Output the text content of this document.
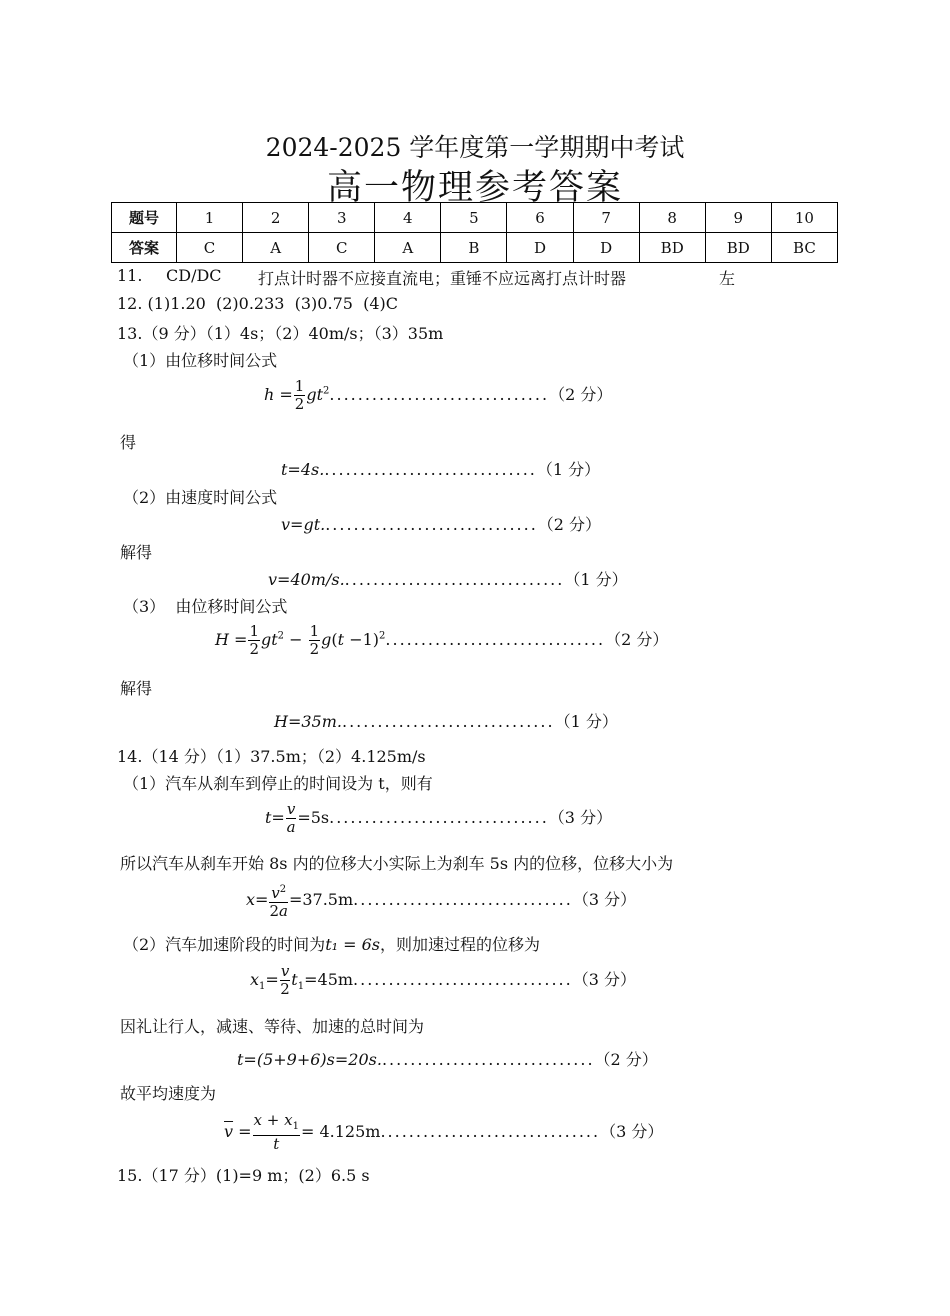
2024-2025 学年度第一学期期中考试
高一物理参考答案
题号	1	2	3	4	5	6	7	8	9	10
答案	C	A	C	A	B	D	D	BD	BD	BC
11. CD/DC 打点计时器不应接直流电；重锤不应远离打点计时器	左
12. (1)1.20  (2)0.233  (3)0.75  (4)C
13.（9 分）（1）4s；（2）40m/s；（3）35m
（1）由位移时间公式
$h = \frac{1}{2} gt^2...............................(2$ 分）
得
t=4s...............................（1 分）
（2）由速度时间公式
v=gt...............................（2 分）
解得
v=40m/s................................（1 分）
（3）  由位移时间公式
$H = \frac{1}{2} gt^2 - \frac{1}{2} g(t -1)^2...............................(2$ 分）
解得
H=35m...............................（1 分）
14.（14 分）（1）37.5m；（2）4.125m/s
（1）汽车从刹车到停止的时间设为 t，则有
$t= \frac{v}{a} =5s...............................(3$ 分）
所以汽车从刹车开始 8s 内的位移大小实际上为刹车 5s 内的位移，位移大小为
$x= \frac{v^2}{2a} =37.5m...............................(3$ 分）
（2）汽车加速阶段的时间为t₁ = 6s，则加速过程的位移为
$x_1= \frac{v}{2} t_1=45m...............................(3$ 分）
因礼让行人，减速、等待、加速的总时间为
t=(5+9+6)s=20s...............................（2 分）
故平均速度为
$\overline{v} = \frac{x + x_1}{t} = 4.125m...............................(3$ 分）
15.（17 分）(1)=9 m；(2）6.5 s
